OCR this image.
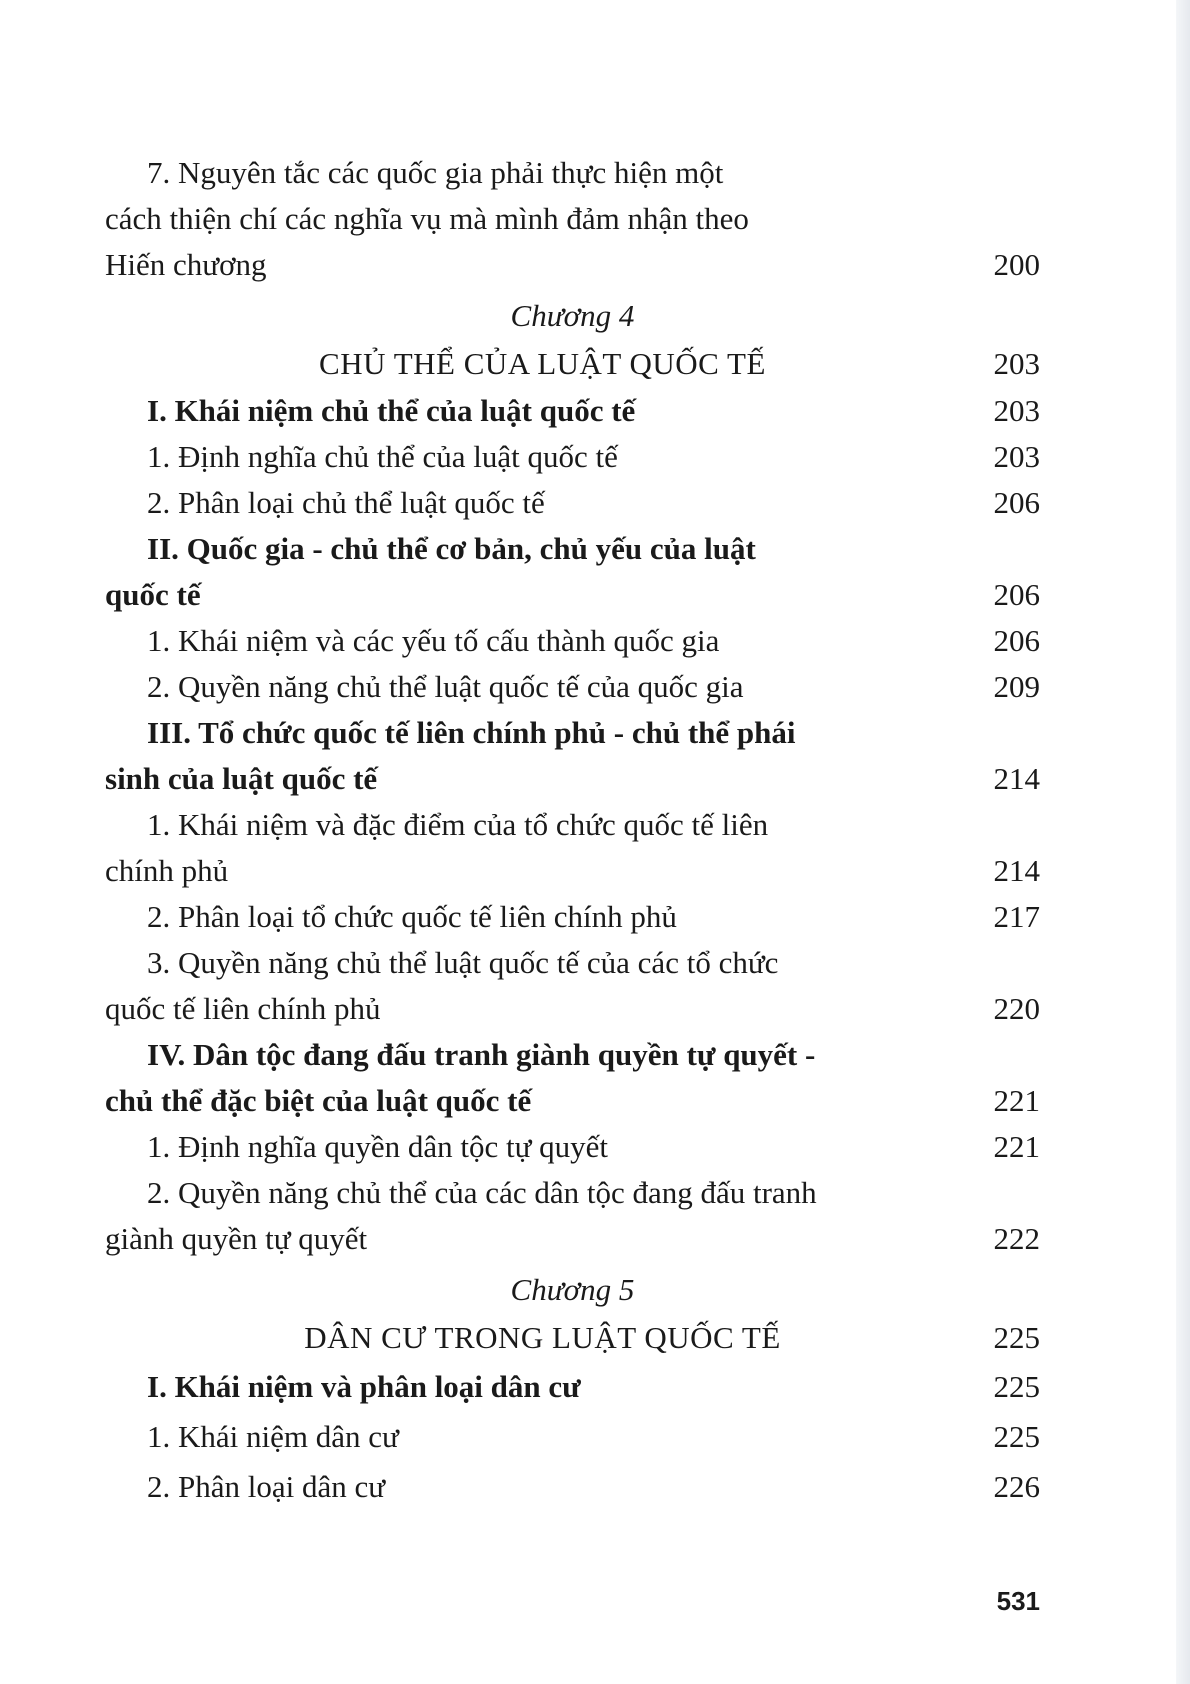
7. Nguyên tắc các quốc gia phải thực hiện một
cách thiện chí các nghĩa vụ mà mình đảm nhận theo
Hiến chương	200
Chương 4
CHỦ THỂ CỦA LUẬT QUỐC TẾ	203
I. Khái niệm chủ thể của luật quốc tế	203
1. Định nghĩa chủ thể của luật quốc tế	203
2. Phân loại chủ thể luật quốc tế	206
II. Quốc gia - chủ thể cơ bản, chủ yếu của luật
quốc tế	206
1. Khái niệm và các yếu tố cấu thành quốc gia	206
2. Quyền năng chủ thể luật quốc tế của quốc gia	209
III. Tổ chức quốc tế liên chính phủ - chủ thể phái
sinh của luật quốc tế	214
1. Khái niệm và đặc điểm của tổ chức quốc tế liên
chính phủ	214
2. Phân loại tổ chức quốc tế liên chính phủ	217
3. Quyền năng chủ thể luật quốc tế của các tổ chức
quốc tế liên chính phủ	220
IV. Dân tộc đang đấu tranh giành quyền tự quyết -
chủ thể đặc biệt của luật quốc tế	221
1. Định nghĩa quyền dân tộc tự quyết	221
2. Quyền năng chủ thể của các dân tộc đang đấu tranh
giành quyền tự quyết	222
Chương 5
DÂN CƯ TRONG LUẬT QUỐC TẾ	225
I. Khái niệm và phân loại dân cư	225
1. Khái niệm dân cư	225
2. Phân loại dân cư	226
531
